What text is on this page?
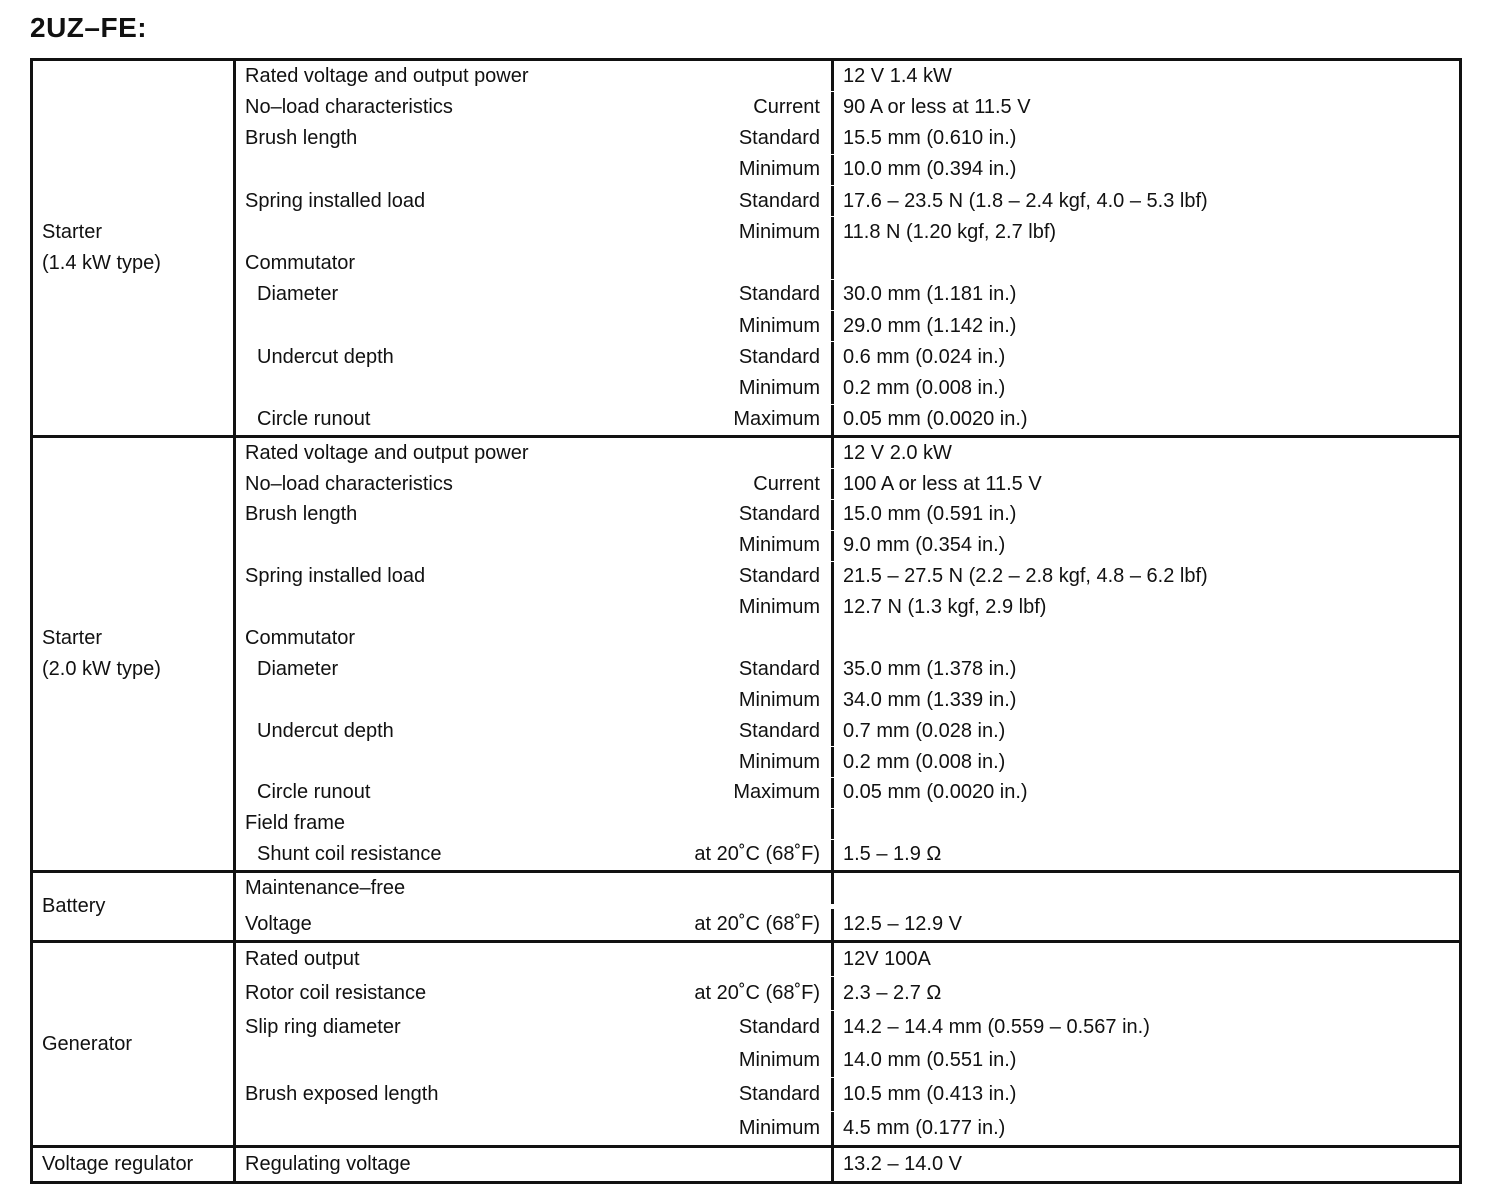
2UZ–FE:
Starter
(1.4 kW type)
Rated voltage and output power	12 V 1.4 kW
No–load characteristics	Current	90 A or less at 11.5 V
Brush length	Standard	15.5 mm (0.610 in.)
Minimum	10.0 mm (0.394 in.)
Spring installed load	Standard	17.6 – 23.5 N (1.8 – 2.4 kgf, 4.0 – 5.3 lbf)
Minimum	11.8 N (1.20 kgf, 2.7 lbf)
Commutator
Diameter	Standard	30.0 mm (1.181 in.)
Minimum	29.0 mm (1.142 in.)
Undercut depth	Standard	0.6 mm (0.024 in.)
Minimum	0.2 mm (0.008 in.)
Circle runout	Maximum	0.05 mm (0.0020 in.)
Starter
(2.0 kW type)
Rated voltage and output power	12 V 2.0 kW
No–load characteristics	Current	100 A or less at 11.5 V
Brush length	Standard	15.0 mm (0.591 in.)
Minimum	9.0 mm (0.354 in.)
Spring installed load	Standard	21.5 – 27.5 N (2.2 – 2.8 kgf, 4.8 – 6.2 lbf)
Minimum	12.7 N (1.3 kgf, 2.9 lbf)
Commutator
Diameter	Standard	35.0 mm (1.378 in.)
Minimum	34.0 mm (1.339 in.)
Undercut depth	Standard	0.7 mm (0.028 in.)
Minimum	0.2 mm (0.008 in.)
Circle runout	Maximum	0.05 mm (0.0020 in.)
Field frame
Shunt coil resistance	at 20˚C (68˚F)	1.5 – 1.9 Ω
Battery
Maintenance–free
Voltage	at 20˚C (68˚F)	12.5 – 12.9 V
Generator
Rated output	12V 100A
Rotor coil resistance	at 20˚C (68˚F)	2.3 – 2.7 Ω
Slip ring diameter	Standard	14.2 – 14.4 mm (0.559 – 0.567 in.)
Minimum	14.0 mm (0.551 in.)
Brush exposed length	Standard	10.5 mm (0.413 in.)
Minimum	4.5 mm (0.177 in.)
Voltage regulator	Regulating voltage	13.2 – 14.0 V
